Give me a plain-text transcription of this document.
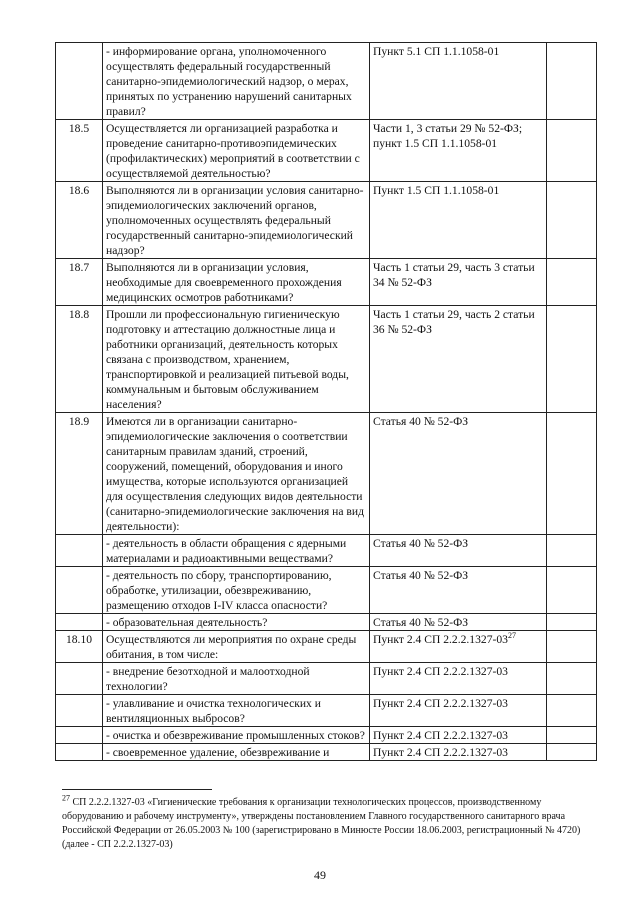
	- информирование органа, уполномоченного осуществлять федеральный государственный санитарно-эпидемиологический надзор, о мерах, принятых по устранению нарушений санитарных правил?	Пункт 5.1 СП 1.1.1058-01	
18.5	Осуществляется ли организацией разработка и проведение санитарно-противоэпидемических (профилактических) мероприятий в соответствии с осуществляемой деятельностью?	Части 1, 3 статьи 29 № 52-ФЗ; пункт 1.5 СП 1.1.1058-01	
18.6	Выполняются ли в организации условия санитарно-эпидемиологических заключений органов, уполномоченных осуществлять федеральный государственный санитарно-эпидемиологический надзор?	Пункт 1.5 СП 1.1.1058-01	
18.7	Выполняются ли в организации условия, необходимые для своевременного прохождения медицинских осмотров работниками?	Часть 1 статьи 29, часть 3 статьи 34 № 52-ФЗ	
18.8	Прошли ли профессиональную гигиеническую подготовку и аттестацию должностные лица и работники организаций, деятельность которых связана с производством, хранением, транспортировкой и реализацией питьевой воды, коммунальным и бытовым обслуживанием населения?	Часть 1 статьи 29, часть 2 статьи 36 № 52-ФЗ	
18.9	Имеются ли в организации санитарно-эпидемиологические заключения о соответствии санитарным правилам зданий, строений, сооружений, помещений, оборудования и иного имущества, которые используются организацией для осуществления следующих видов деятельности (санитарно-эпидемиологические заключения на вид деятельности):	Статья 40 № 52-ФЗ	
	- деятельность в области обращения с ядерными материалами и радиоактивными веществами?	Статья 40 № 52-ФЗ	
	- деятельность по сбору, транспортированию, обработке, утилизации, обезвреживанию, размещению отходов I-IV класса опасности?	Статья 40 № 52-ФЗ	
	- образовательная деятельность?	Статья 40 № 52-ФЗ	
18.10	Осуществляются ли мероприятия по охране среды обитания, в том числе:	Пункт 2.4 СП $2.2.2.1327-03^{27}$	
	- внедрение безотходной и малоотходной технологии?	Пункт 2.4 СП 2.2.2.1327-03	
	- улавливание и очистка технологических и вентиляционных выбросов?	Пункт 2.4 СП 2.2.2.1327-03	
	- очистка и обезвреживание промышленных стоков?	Пункт 2.4 СП 2.2.2.1327-03	
	- своевременное удаление, обезвреживание и	Пункт 2.4 СП 2.2.2.1327-03	
$^{27}$ СП 2.2.2.1327-03 «Гигиенические требования к организации технологических процессов, производственному оборудованию и рабочему инструменту», утверждены постановлением Главного государственного санитарного врача Российской Федерации от 26.05.2003 № 100 (зарегистрировано в Минюсте России 18.06.2003, регистрационный № 4720) (далее - СП 2.2.2.1327-03)
49
